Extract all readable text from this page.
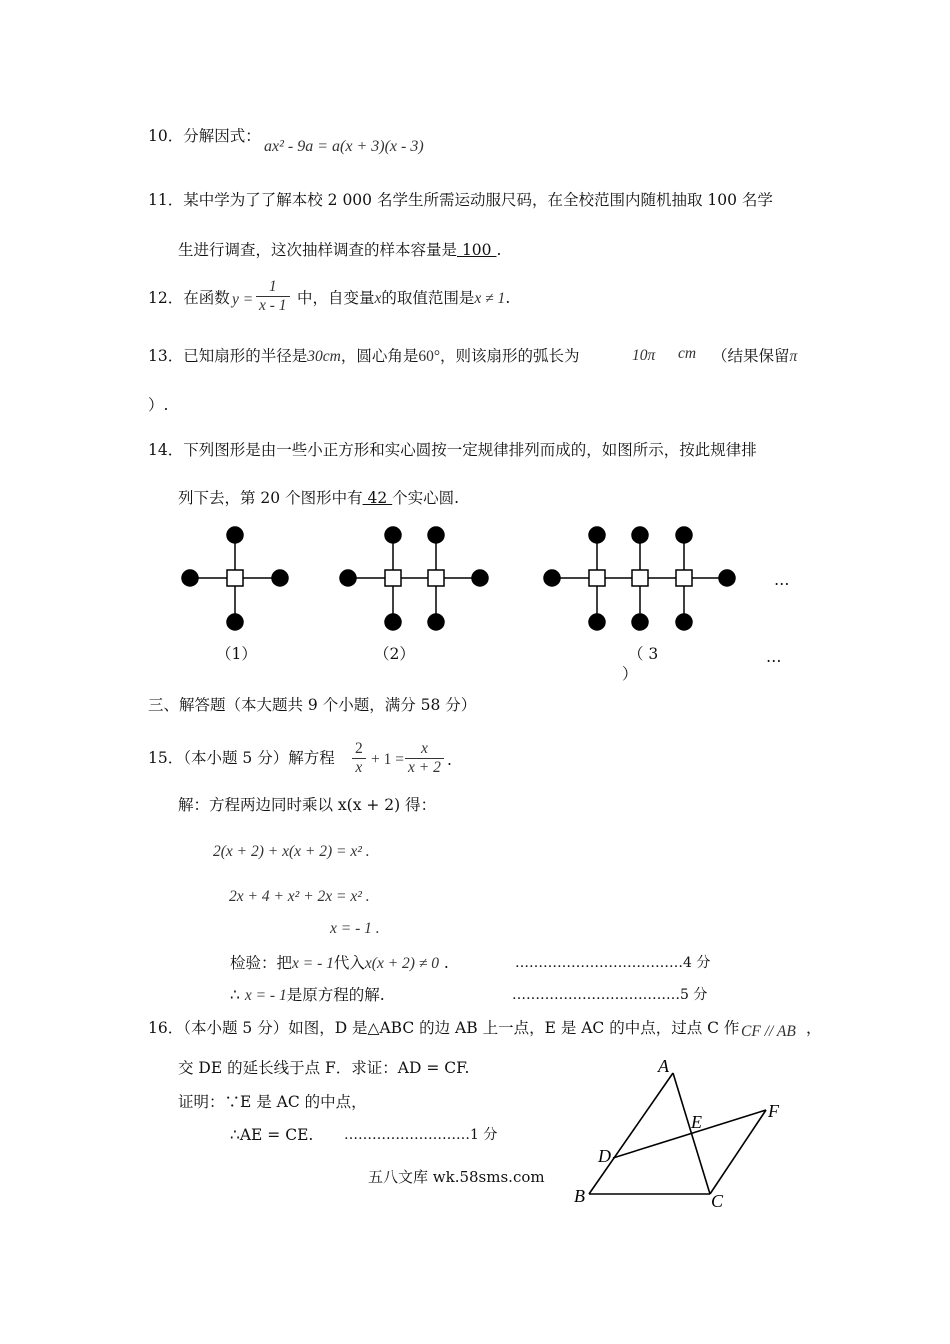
10．分解因式：
ax² - 9a = a(x + 3)(x - 3)
11．某中学为了了解本校 2 000 名学生所需运动服尺码，在全校范围内随机抽取 100 名学
生进行调查，这次抽样调查的样本容量是 100 .
12．在函数 $y = \frac{1}{x - 1}$ 中，自变量x的取值范围是x ≠ 1.
13．已知扇形的半径是30cm，圆心角是60°，则该扇形的弧长为	10π cm （结果保留π
）.
14．下列图形是由一些小正方形和实心圆按一定规律排列而成的，如图所示，按此规律排
列下去，第 20 个图形中有 42 个实心圆.
…
（1）	（2）	（ 3
）
…
三、解答题（本大题共 9 个小题，满分 58 分）
15．（本小题 5 分）解方程 $\frac{2}{x} + 1 = \frac{x}{x + 2}$ .
解：方程两边同时乘以 x(x + 2) 得：
2(x + 2) + x(x + 2) = x² .
2x + 4 + x² + 2x = x² .
x = - 1 .
检验：把x = - 1代入x(x + 2) ≠ 0 .	………………………………4 分
∴ x = - 1是原方程的解.	………………………………5 分
16．（本小题 5 分）如图，D 是△ABC 的边 AB 上一点，E 是 AC 的中点，过点 C 作 CF // AB ，
交 DE 的延长线于点 F．求证：AD = CF.
证明：∵E 是 AC 的中点，
∴AE = CE. ………………………1 分
A
B	C
D
E
F
五八文库 wk.58sms.com
